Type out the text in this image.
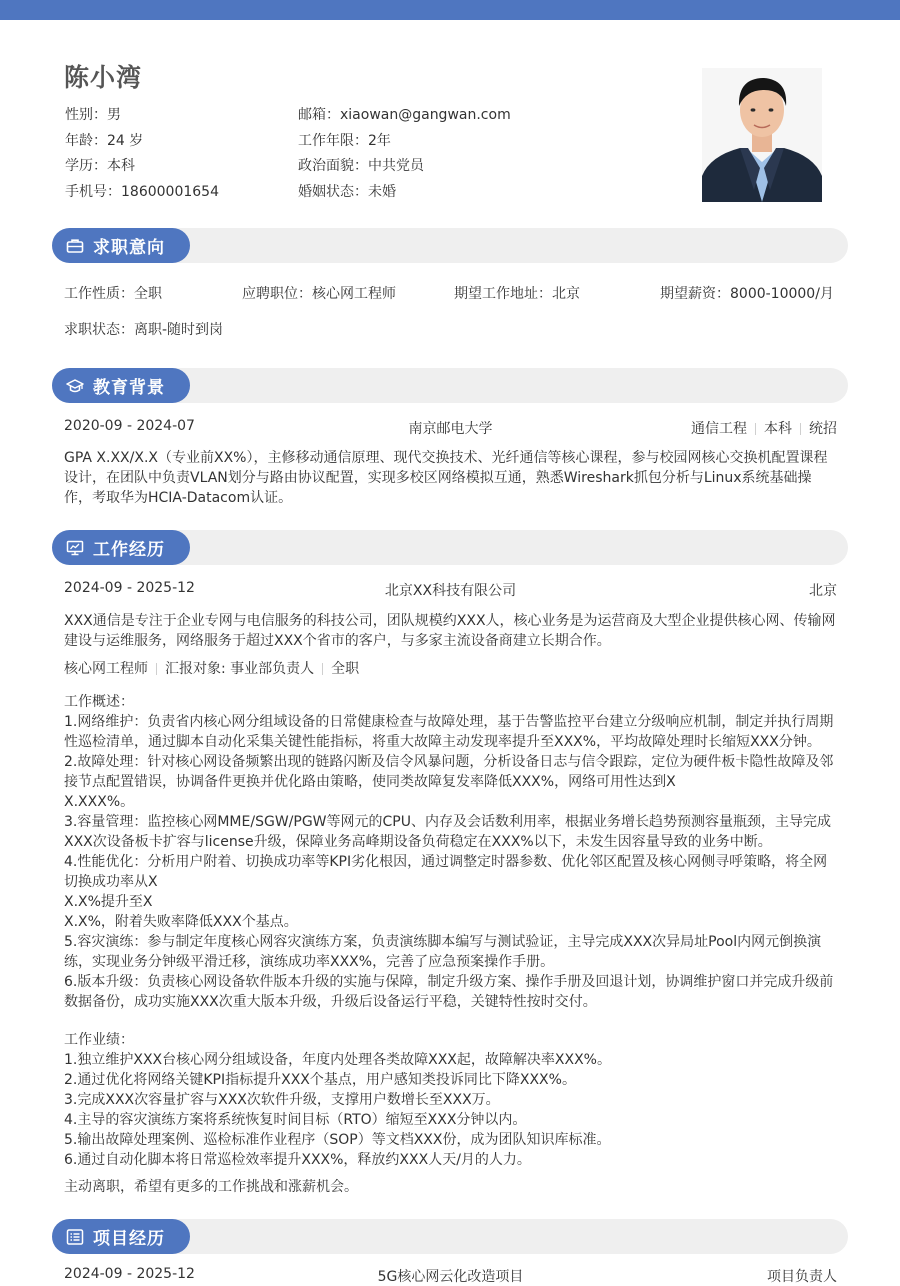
陈小湾
性别：男	邮箱：xiaowan@gangwan.com
年龄：24 岁	工作年限：2年
学历：本科	政治面貌：中共党员
手机号：18600001654	婚姻状态：未婚
求职意向
工作性质：全职	应聘职位：核心网工程师	期望工作地址：北京	期望薪资：8000-10000/月
求职状态：离职-随时到岗
教育背景
2020-09 - 2024-07	南京邮电大学	通信工程 本科 统招
GPA X.XX/X.X（专业前XX%），主修移动通信原理、现代交换技术、光纤通信等核心课程，参与校园网核心交换机配置课程设计，在团队中负责VLAN划分与路由协议配置，实现多校区网络模拟互通，熟悉Wireshark抓包分析与Linux系统基础操作，考取华为HCIA-Datacom认证。
工作经历
2024-09 - 2025-12	北京XX科技有限公司	北京
XXX通信是专注于企业专网与电信服务的科技公司，团队规模约XXX人，核心业务是为运营商及大型企业提供核心网、传输网建设与运维服务，网络服务于超过XXX个省市的客户，与多家主流设备商建立长期合作。
核心网工程师 汇报对象: 事业部负责人 全职
工作概述：
1.网络维护：负责省内核心网分组域设备的日常健康检查与故障处理，基于告警监控平台建立分级响应机制，制定并执行周期性巡检清单，通过脚本自动化采集关键性能指标，将重大故障主动发现率提升至XXX%，平均故障处理时长缩短XXX分钟。
2.故障处理：针对核心网设备频繁出现的链路闪断及信令风暴问题，分析设备日志与信令跟踪，定位为硬件板卡隐性故障及邻接节点配置错误，协调备件更换并优化路由策略，使同类故障复发率降低XXX%，网络可用性达到X
X.XXX%。
3.容量管理：监控核心网MME/SGW/PGW等网元的CPU、内存及会话数利用率，根据业务增长趋势预测容量瓶颈，主导完成XXX次设备板卡扩容与license升级，保障业务高峰期设备负荷稳定在XXX%以下，未发生因容量导致的业务中断。
4.性能优化：分析用户附着、切换成功率等KPI劣化根因，通过调整定时器参数、优化邻区配置及核心网侧寻呼策略，将全网切换成功率从X
X.X%提升至X
X.X%，附着失败率降低XXX个基点。
5.容灾演练：参与制定年度核心网容灾演练方案，负责演练脚本编写与测试验证，主导完成XXX次异局址Pool内网元倒换演练，实现业务分钟级平滑迁移，演练成功率XXX%，完善了应急预案操作手册。
6.版本升级：负责核心网设备软件版本升级的实施与保障，制定升级方案、操作手册及回退计划，协调维护窗口并完成升级前数据备份，成功实施XXX次重大版本升级，升级后设备运行平稳，关键特性按时交付。
工作业绩：
1.独立维护XXX台核心网分组域设备，年度内处理各类故障XXX起，故障解决率XXX%。
2.通过优化将网络关键KPI指标提升XXX个基点，用户感知类投诉同比下降XXX%。
3.完成XXX次容量扩容与XXX次软件升级，支撑用户数增长至XXX万。
4.主导的容灾演练方案将系统恢复时间目标（RTO）缩短至XXX分钟以内。
5.输出故障处理案例、巡检标准作业程序（SOP）等文档XXX份，成为团队知识库标准。
6.通过自动化脚本将日常巡检效率提升XXX%，释放约XXX人天/月的人力。
主动离职，希望有更多的工作挑战和涨薪机会。
项目经历
2024-09 - 2025-12	5G核心网云化改造项目	项目负责人
